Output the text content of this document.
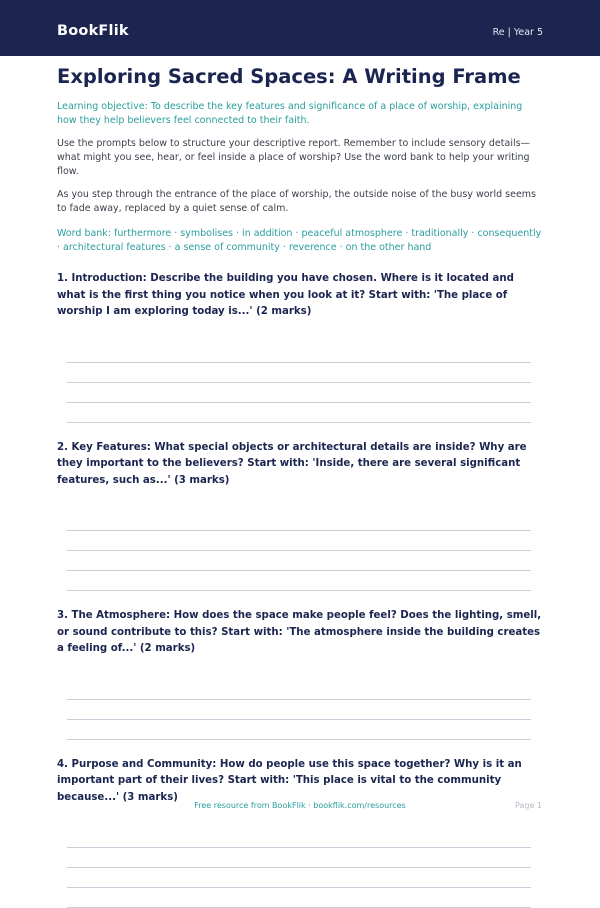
BookFlik	Re | Year 5
Exploring Sacred Spaces: A Writing Frame
Learning objective: To describe the key features and significance of a place of worship, explaining how they help believers feel connected to their faith.
Use the prompts below to structure your descriptive report. Remember to include sensory details—what might you see, hear, or feel inside a place of worship? Use the word bank to help your writing flow.
As you step through the entrance of the place of worship, the outside noise of the busy world seems to fade away, replaced by a quiet sense of calm.
Word bank: furthermore · symbolises · in addition · peaceful atmosphere · traditionally · consequently · architectural features · a sense of community · reverence · on the other hand
1. Introduction: Describe the building you have chosen. Where is it located and what is the first thing you notice when you look at it? Start with: 'The place of worship I am exploring today is...' (2 marks)
2. Key Features: What special objects or architectural details are inside? Why are they important to the believers? Start with: 'Inside, there are several significant features, such as...' (3 marks)
3. The Atmosphere: How does the space make people feel? Does the lighting, smell, or sound contribute to this? Start with: 'The atmosphere inside the building creates a feeling of...' (2 marks)
4. Purpose and Community: How do people use this space together? Why is it an important part of their lives? Start with: 'This place is vital to the community because...' (3 marks)
Free resource from BookFlik · bookflik.com/resources	Page 1
